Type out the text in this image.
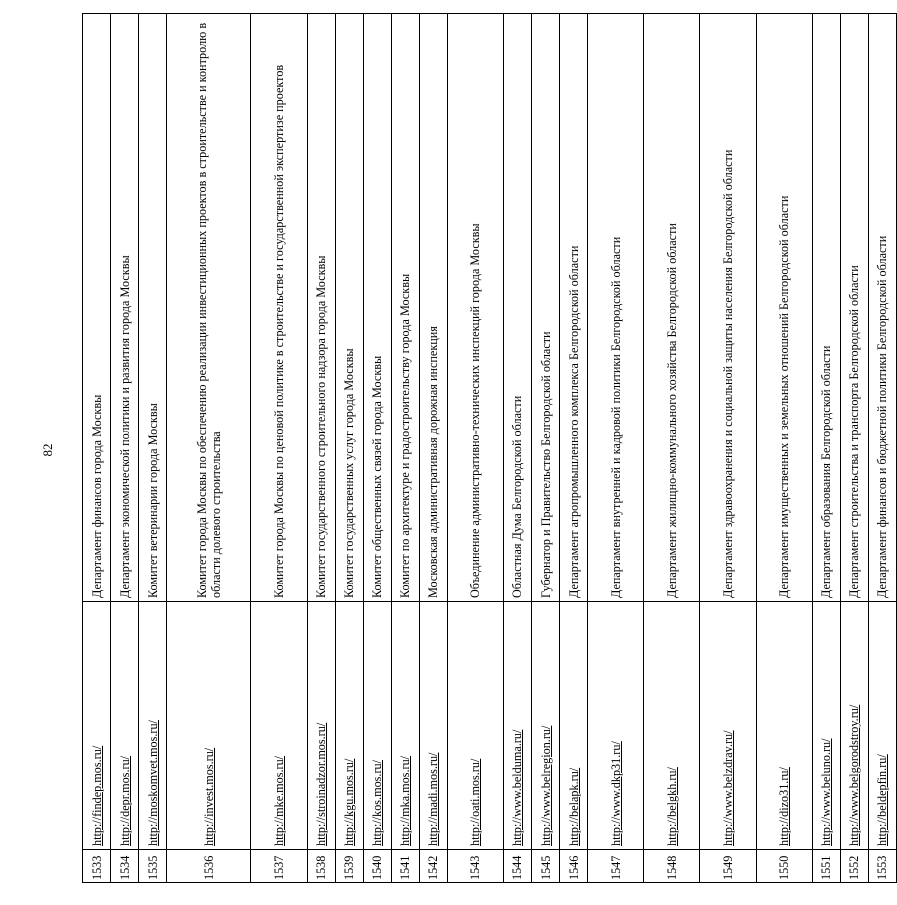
82
1533	http://findep.mos.ru/	Департамент финансов города Москвы
1534	http://depr.mos.ru/	Департамент экономической политики и развития города Москвы
1535	http://moskomvet.mos.ru/	Комитет ветеринарии города Москвы
1536	http://invest.mos.ru/	Комитет города Москвы по обеспечению реализации инвестиционных проектов в строительстве и контролю в области долевого строительства
1537	http://mke.mos.ru/	Комитет города Москвы по ценовой политике в строительстве и государственной экспертизе проектов
1538	http://stroinadzor.mos.ru/	Комитет государственного строительного надзора города Москвы
1539	http://kgu.mos.ru/	Комитет государственных услуг города Москвы
1540	http://kos.mos.ru/	Комитет общественных связей города Москвы
1541	http://mka.mos.ru/	Комитет по архитектуре и градостроительству города Москвы
1542	http://madi.mos.ru/	Московская административная дорожная инспекция
1543	http://oati.mos.ru/	Объединение административно-технических инспекций города Москвы
1544	http://www.belduma.ru/	Областная Дума Белгородской области
1545	http://www.belregion.ru/	Губернатор и Правительство Белгородской области
1546	http://belapk.ru/	Департамент агропромышленного комплекса Белгородской области
1547	http://www.dkp31.ru/	Департамент внутренней и кадровой политики Белгородской области
1548	http://belgkh.ru/	Департамент жилищно-коммунального хозяйства Белгородской области
1549	http://www.belzdrav.ru/	Департамент здравоохранения и социальной защиты населения Белгородской области
1550	http://dizo31.ru/	Департамент имущественных и земельных отношений Белгородской области
1551	http://www.beluno.ru/	Департамент образования Белгородской области
1552	http://www.belgorodstroy.ru/	Департамент строительства и транспорта Белгородской области
1553	http://beldepfin.ru/	Департамент финансов и бюджетной политики Белгородской области
